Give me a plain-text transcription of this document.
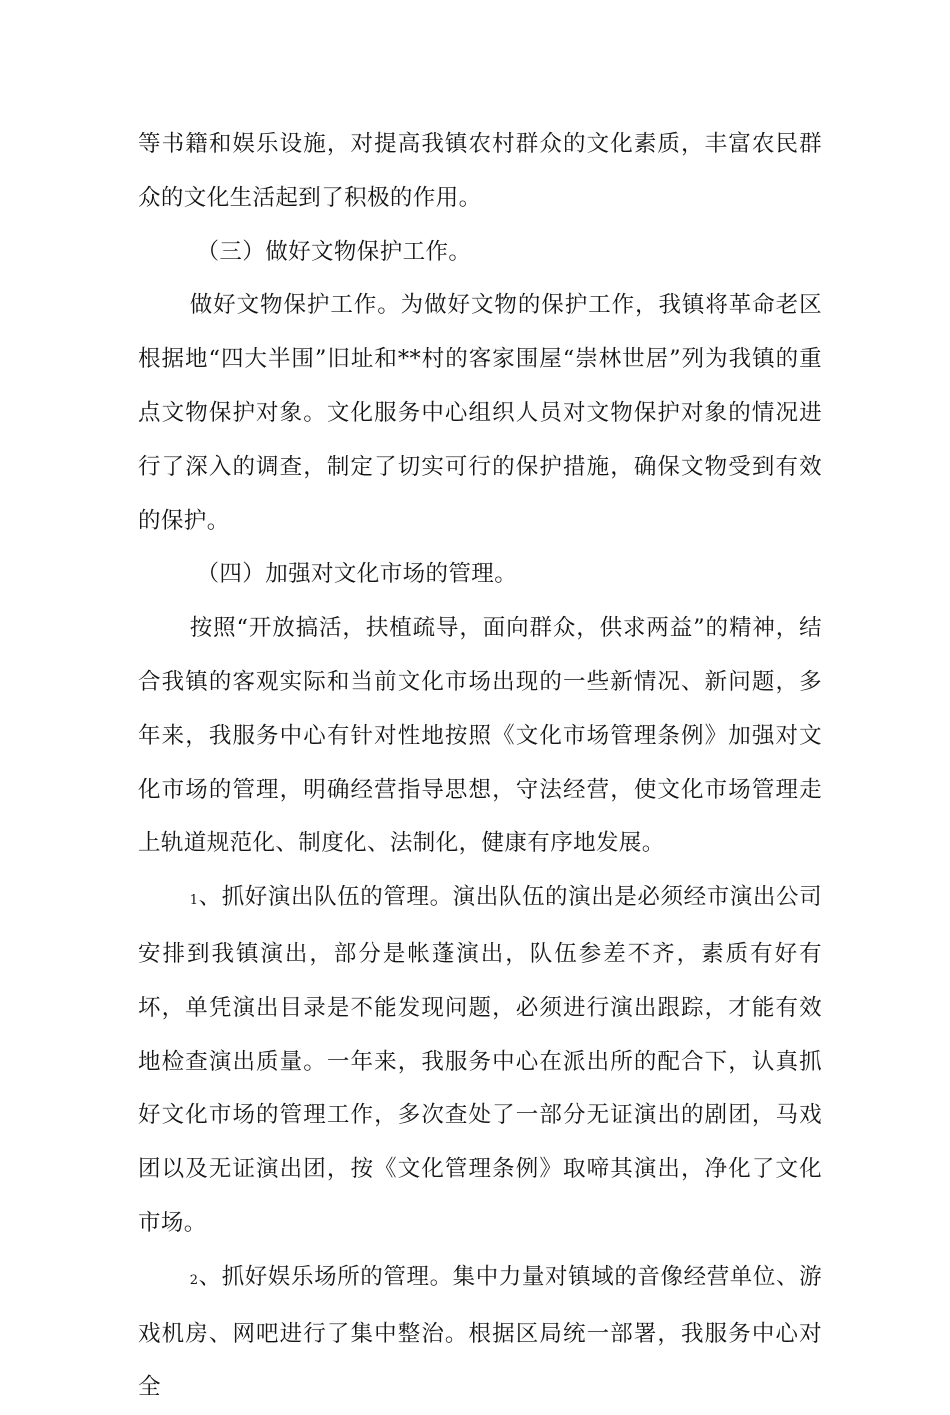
等书籍和娱乐设施，对提高我镇农村群众的文化素质，丰富农民群众的文化生活起到了积极的作用。

（三）做好文物保护工作。

做好文物保护工作。为做好文物的保护工作，我镇将革命老区根据地“四大半围”旧址和**村的客家围屋“崇林世居”列为我镇的重点文物保护对象。文化服务中心组织人员对文物保护对象的情况进行了深入的调查，制定了切实可行的保护措施，确保文物受到有效的保护。

（四）加强对文化市场的管理。

按照“开放搞活，扶植疏导，面向群众，供求两益”的精神，结合我镇的客观实际和当前文化市场出现的一些新情况、新问题，多年来，我服务中心有针对性地按照《文化市场管理条例》加强对文化市场的管理，明确经营指导思想，守法经营，使文化市场管理走上轨道规范化、制度化、法制化，健康有序地发展。

1、抓好演出队伍的管理。演出队伍的演出是必须经市演出公司安排到我镇演出，部分是帐蓬演出，队伍参差不齐，素质有好有坏，单凭演出目录是不能发现问题，必须进行演出跟踪，才能有效地检查演出质量。一年来，我服务中心在派出所的配合下，认真抓好文化市场的管理工作，多次查处了一部分无证演出的剧团，马戏团以及无证演出团，按《文化管理条例》取啼其演出，净化了文化市场。

2、抓好娱乐场所的管理。集中力量对镇域的音像经营单位、游戏机房、网吧进行了集中整治。根据区局统一部署，我服务中心对全
